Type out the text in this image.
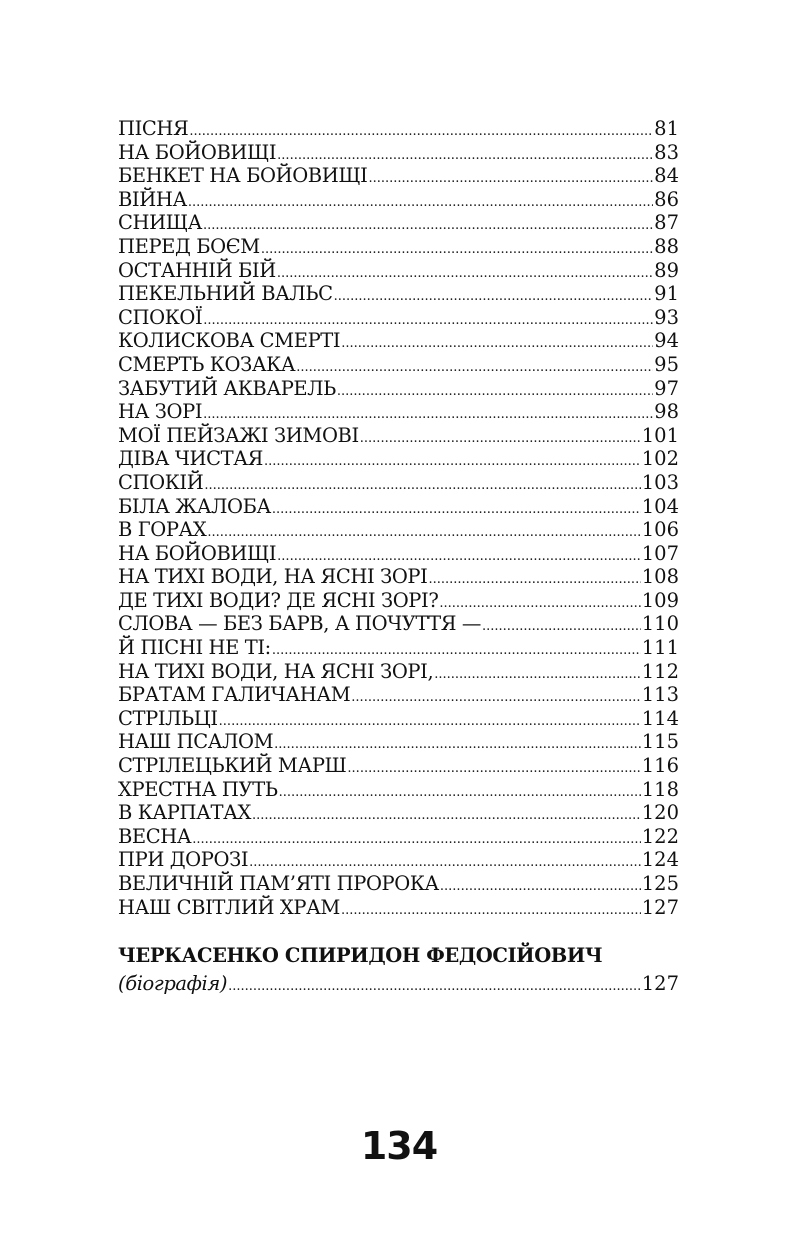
ПІСНЯ .....	81
НА БОЙОВИЩІ .....	83
БЕНКЕТ НА БОЙОВИЩІ .....	84
ВІЙНА .....	86
СНИЩА .....	87
ПЕРЕД БОЄМ .....	88
ОСТАННІЙ БІЙ .....	89
ПЕКЕЛЬНИЙ ВАЛЬС .....	91
СПОКОЇ .....	93
КОЛИСКОВА СМЕРТІ .....	94
СМЕРТЬ КОЗАКА .....	95
ЗАБУТИЙ АКВАРЕЛЬ .....	97
НА ЗОРІ .....	98
МОЇ ПЕЙЗАЖІ ЗИМОВІ .....	101
ДІВА ЧИСТАЯ .....	102
СПОКІЙ .....	103
БІЛА ЖАЛОБА .....	104
В ГОРАХ .....	106
НА БОЙОВИЩІ .....	107
НА ТИХІ ВОДИ, НА ЯСНІ ЗОРІ .....	108
ДЕ ТИХІ ВОДИ? ДЕ ЯСНІ ЗОРІ? .....	109
СЛОВА — БЕЗ БАРВ, А ПОЧУТТЯ — .....	110
Й ПІСНІ НЕ ТІ: .....	111
НА ТИХІ ВОДИ, НА ЯСНІ ЗОРІ, .....	112
БРАТАМ ГАЛИЧАНАМ .....	113
СТРІЛЬЦІ .....	114
НАШ ПСАЛОМ .....	115
СТРІЛЕЦЬКИЙ МАРШ .....	116
ХРЕСТНА ПУТЬ .....	118
В КАРПАТАХ .....	120
ВЕСНА .....	122
ПРИ ДОРОЗІ .....	124
ВЕЛИЧНІЙ ПАМ’ЯТІ ПРОРОКА .....	125
НАШ СВІТЛИЙ ХРАМ .....	127
ЧЕРКАСЕНКО СПИРИДОН ФЕДОСІЙОВИЧ
(біографія) .....	127
134
